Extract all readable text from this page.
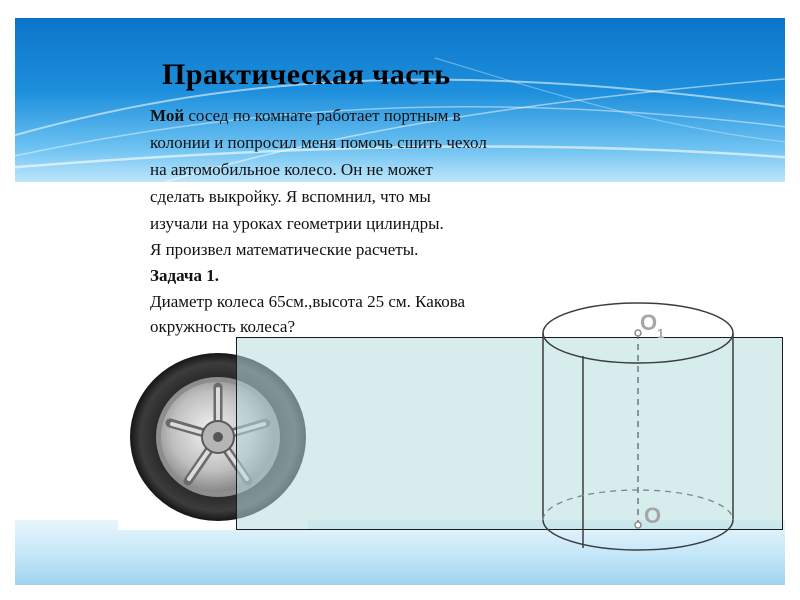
Практическая часть
Мой сосед по комнате работает портным в
колонии и попросил меня помочь сшить чехол
на автомобильное колесо. Он не может
сделать выкройку. Я вспомнил, что мы
изучали на уроках геометрии цилиндры.
Я произвел математические расчеты.
Задача 1.
Диаметр колеса 65см.,высота 25 см. Какова
окружность колеса?	O 1
O
